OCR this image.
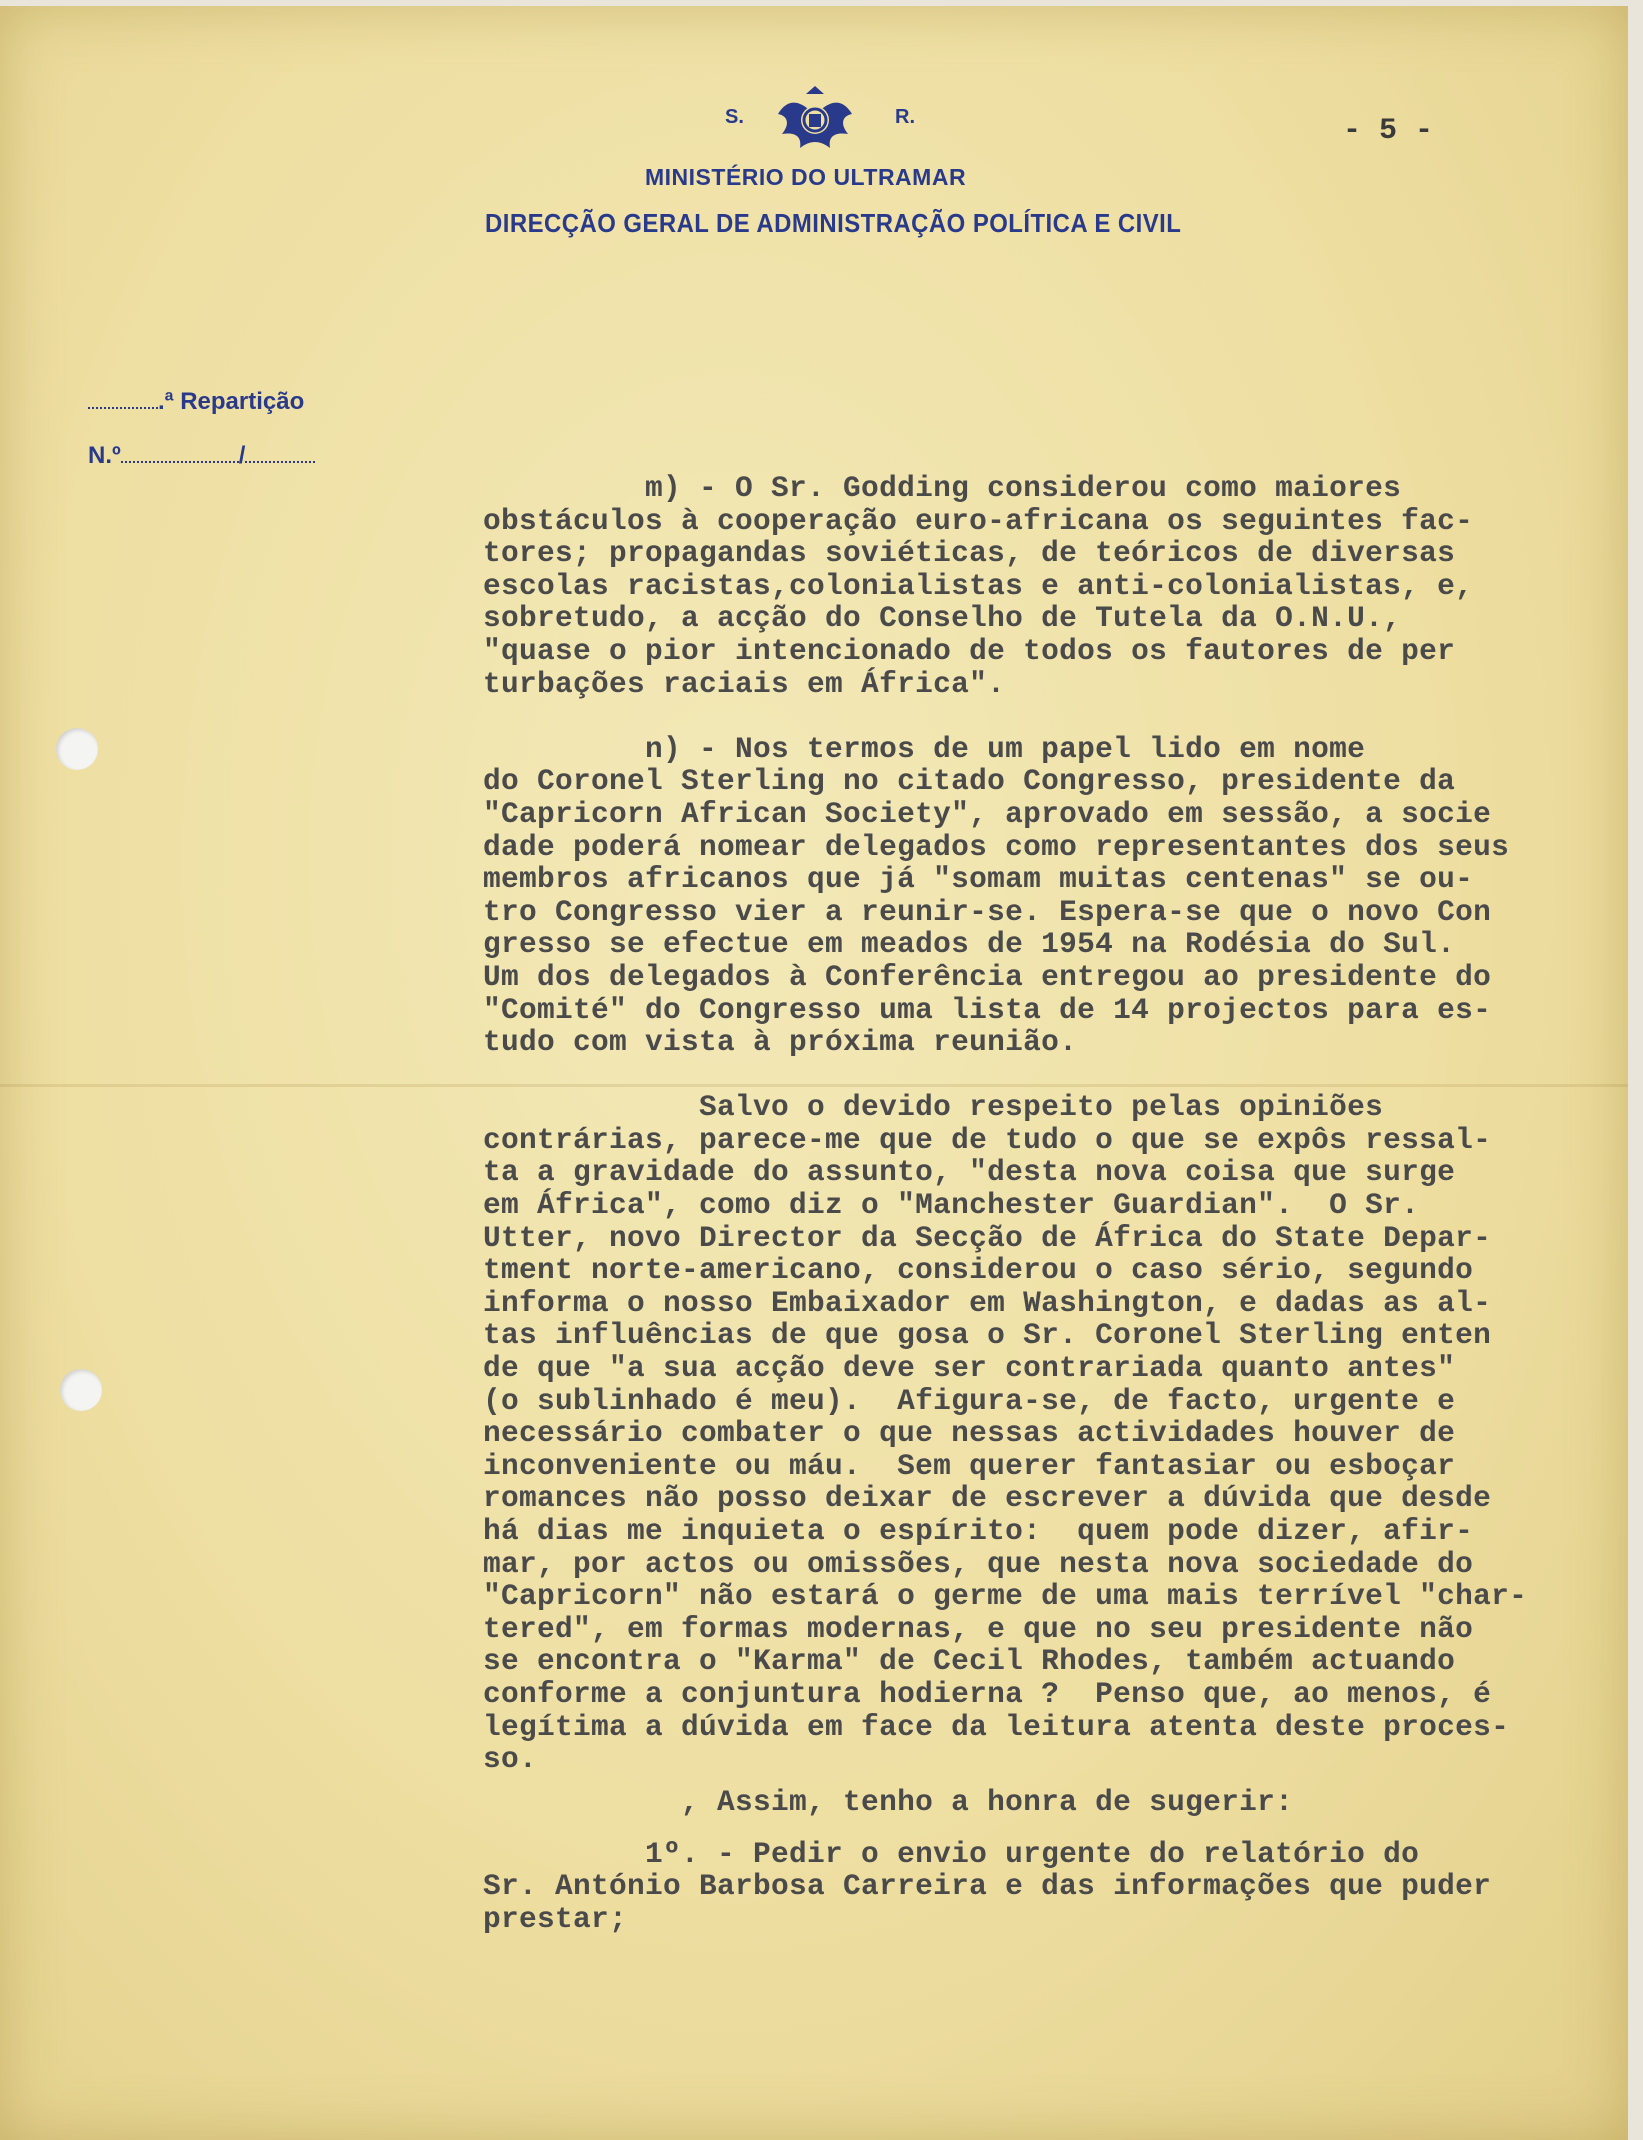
S.	R.
MINISTÉRIO DO ULTRAMAR
DIRECÇÃO GERAL DE ADMINISTRAÇÃO POLÍTICA E CIVIL
- 5 -
.ª Repartição
N.º	/
m) - O Sr. Godding considerou como maiores
obstáculos à cooperação euro-africana os seguintes fac-
tores; propagandas soviéticas, de teóricos de diversas
escolas racistas,colonialistas e anti-colonialistas, e,
sobretudo, a acção do Conselho de Tutela da O.N.U.,
"quase o pior intencionado de todos os fautores de per
turbações raciais em África".
n) - Nos termos de um papel lido em nome
do Coronel Sterling no citado Congresso, presidente da
"Capricorn African Society", aprovado em sessão, a socie
dade poderá nomear delegados como representantes dos seus
membros africanos que já "somam muitas centenas" se ou-
tro Congresso vier a reunir-se. Espera-se que o novo Con
gresso se efectue em meados de 1954 na Rodésia do Sul.
Um dos delegados à Conferência entregou ao presidente do
"Comité" do Congresso uma lista de 14 projectos para es-
tudo com vista à próxima reunião.
Salvo o devido respeito pelas opiniões
contrárias, parece-me que de tudo o que se expôs ressal-
ta a gravidade do assunto, "desta nova coisa que surge
em África", como diz o "Manchester Guardian".  O Sr.
Utter, novo Director da Secção de África do State Depar-
tment norte-americano, considerou o caso sério, segundo
informa o nosso Embaixador em Washington, e dadas as al-
tas influências de que gosa o Sr. Coronel Sterling enten
de que "a sua acção deve ser contrariada quanto antes"
(o sublinhado é meu).  Afigura-se, de facto, urgente e
necessário combater o que nessas actividades houver de
inconveniente ou máu.  Sem querer fantasiar ou esboçar
romances não posso deixar de escrever a dúvida que desde
há dias me inquieta o espírito:  quem pode dizer, afir-
mar, por actos ou omissões, que nesta nova sociedade do
"Capricorn" não estará o germe de uma mais terrível "char-
tered", em formas modernas, e que no seu presidente não
se encontra o "Karma" de Cecil Rhodes, também actuando
conforme a conjuntura hodierna ?  Penso que, ao menos, é
legítima a dúvida em face da leitura atenta deste proces-
so.
, Assim, tenho a honra de sugerir:
1º. - Pedir o envio urgente do relatório do
Sr. António Barbosa Carreira e das informações que puder
prestar;
